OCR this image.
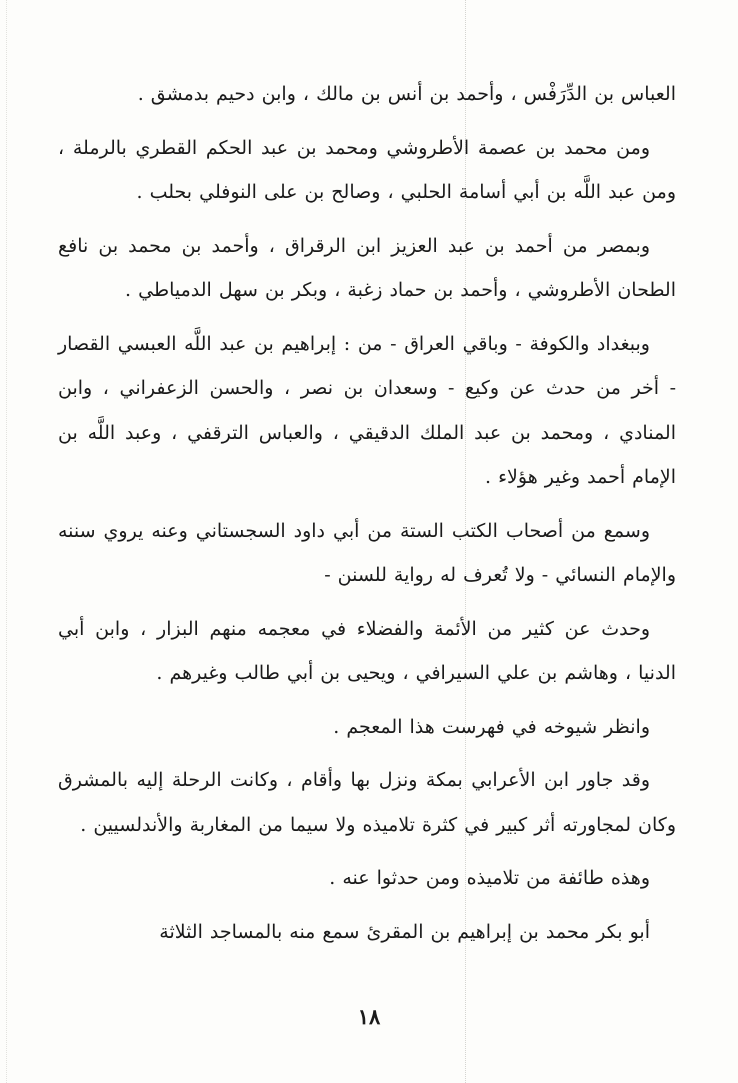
العباس بن الدِّرَفْس ، وأحمد بن أنس بن مالك ، وابن دحيم بدمشق .

ومن محمد بن عصمة الأطروشي ومحمد بن عبد الحكم القطري بالرملة ، ومن عبد اللَّه بن أبي أسامة الحلبي ، وصالح بن على النوفلي بحلب .

وبمصر من أحمد بن عبد العزيز ابن الرقراق ، وأحمد بن محمد بن نافع الطحان الأطروشي ، وأحمد بن حماد زغبة ، وبكر بن سهل الدمياطي .

وببغداد والكوفة - وباقي العراق - من : إبراهيم بن عبد اللَّه العبسي القصار - أخر من حدث عن وكيع - وسعدان بن نصر ، والحسن الزعفراني ، وابن المنادي ، ومحمد بن عبد الملك الدقيقي ، والعباس الترقفي ، وعبد اللَّه بن الإمام أحمد وغير هؤلاء .

وسمع من أصحاب الكتب الستة من أبي داود السجستاني وعنه يروي سننه والإمام النسائي - ولا تُعرف له رواية للسنن -

وحدث عن كثير من الأئمة والفضلاء في معجمه منهم البزار ، وابن أبي الدنيا ، وهاشم بن علي السيرافي ، ويحيى بن أبي طالب وغيرهم .

وانظر شيوخه في فهرست هذا المعجم .

وقد جاور ابن الأعرابي بمكة ونزل بها وأقام ، وكانت الرحلة إليه بالمشرق وكان لمجاورته أثر كبير في كثرة تلاميذه ولا سيما من المغاربة والأندلسيين .

وهذه طائفة من تلاميذه ومن حدثوا عنه .

أبو بكر محمد بن إبراهيم بن المقرئ سمع منه بالمساجد الثلاثة

١٨
